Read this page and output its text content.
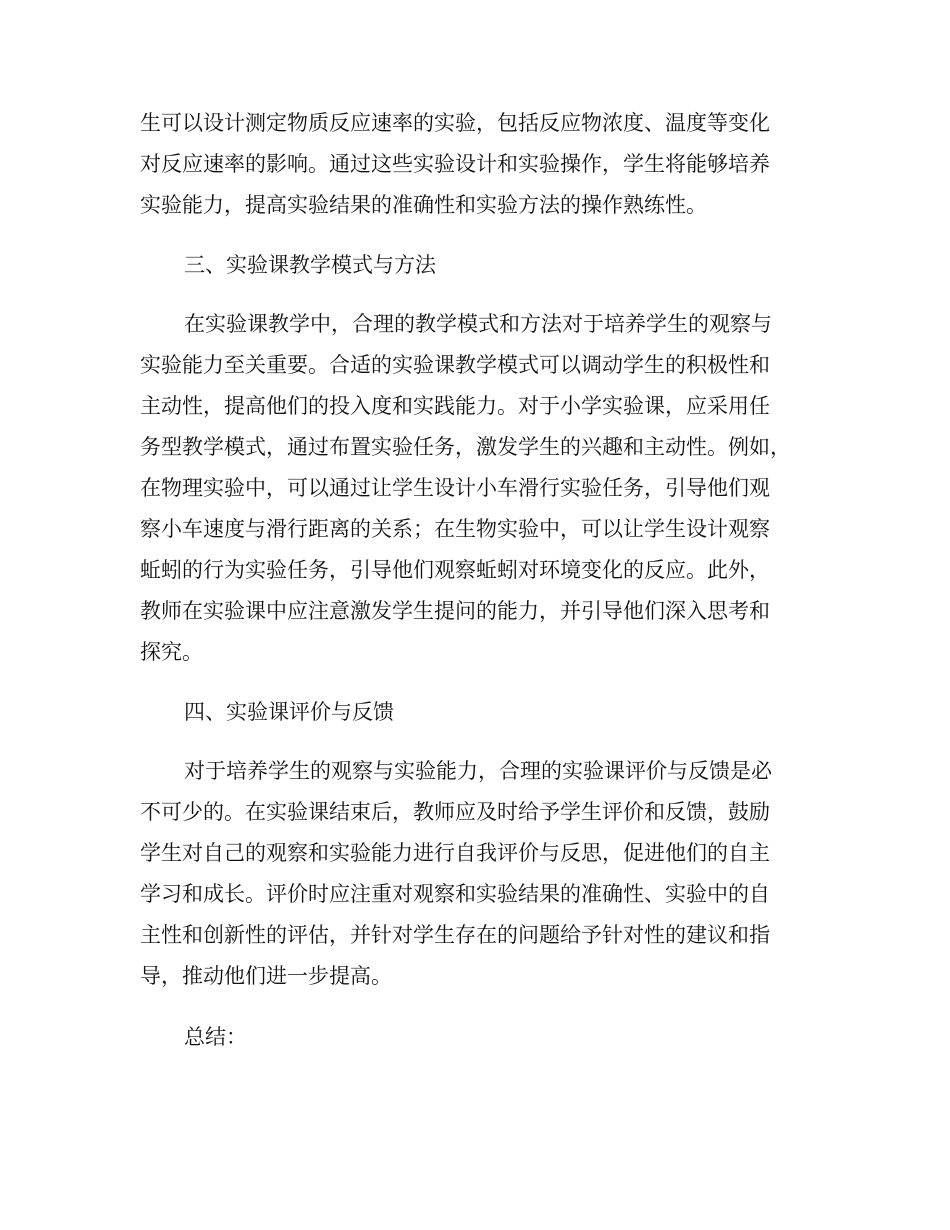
生可以设计测定物质反应速率的实验，包括反应物浓度、温度等变化

对反应速率的影响。通过这些实验设计和实验操作，学生将能够培养

实验能力，提高实验结果的准确性和实验方法的操作熟练性。

三、实验课教学模式与方法

在实验课教学中，合理的教学模式和方法对于培养学生的观察与

实验能力至关重要。合适的实验课教学模式可以调动学生的积极性和

主动性，提高他们的投入度和实践能力。对于小学实验课，应采用任

务型教学模式，通过布置实验任务，激发学生的兴趣和主动性。例如，

在物理实验中，可以通过让学生设计小车滑行实验任务，引导他们观

察小车速度与滑行距离的关系；在生物实验中，可以让学生设计观察

蚯蚓的行为实验任务，引导他们观察蚯蚓对环境变化的反应。此外，

教师在实验课中应注意激发学生提问的能力，并引导他们深入思考和

探究。

四、实验课评价与反馈

对于培养学生的观察与实验能力，合理的实验课评价与反馈是必

不可少的。在实验课结束后，教师应及时给予学生评价和反馈，鼓励

学生对自己的观察和实验能力进行自我评价与反思，促进他们的自主

学习和成长。评价时应注重对观察和实验结果的准确性、实验中的自

主性和创新性的评估，并针对学生存在的问题给予针对性的建议和指

导，推动他们进一步提高。

总结：
